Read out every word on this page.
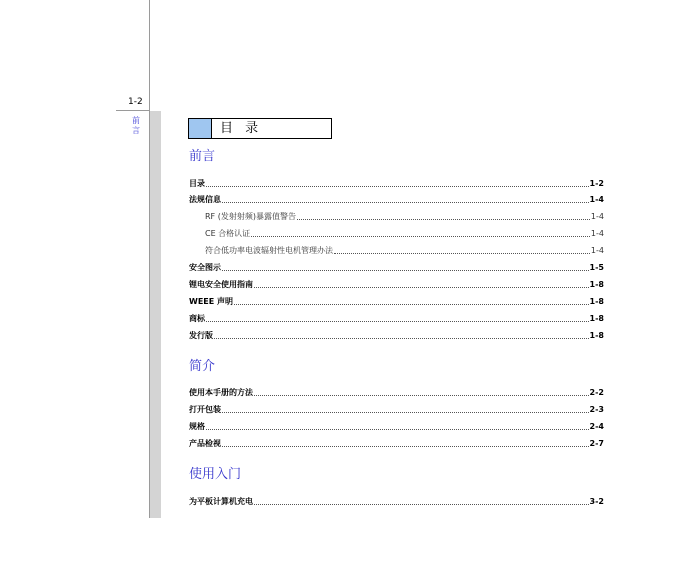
1-2
前言	目 录
前言
目录	1-2
法规信息	1-4
RF (发射射频)暴露值警告	1-4
CE 合格认证	1-4
符合低功率电波辐射性电机管理办法	1-4
安全图示	1-5
锂电安全使用指南	1-8
WEEE 声明	1-8
商标	1-8
发行版	1-8
简介
使用本手册的方法	2-2
打开包装	2-3
规格	2-4
产品检视	2-7
使用入门
为平板计算机充电	3-2
